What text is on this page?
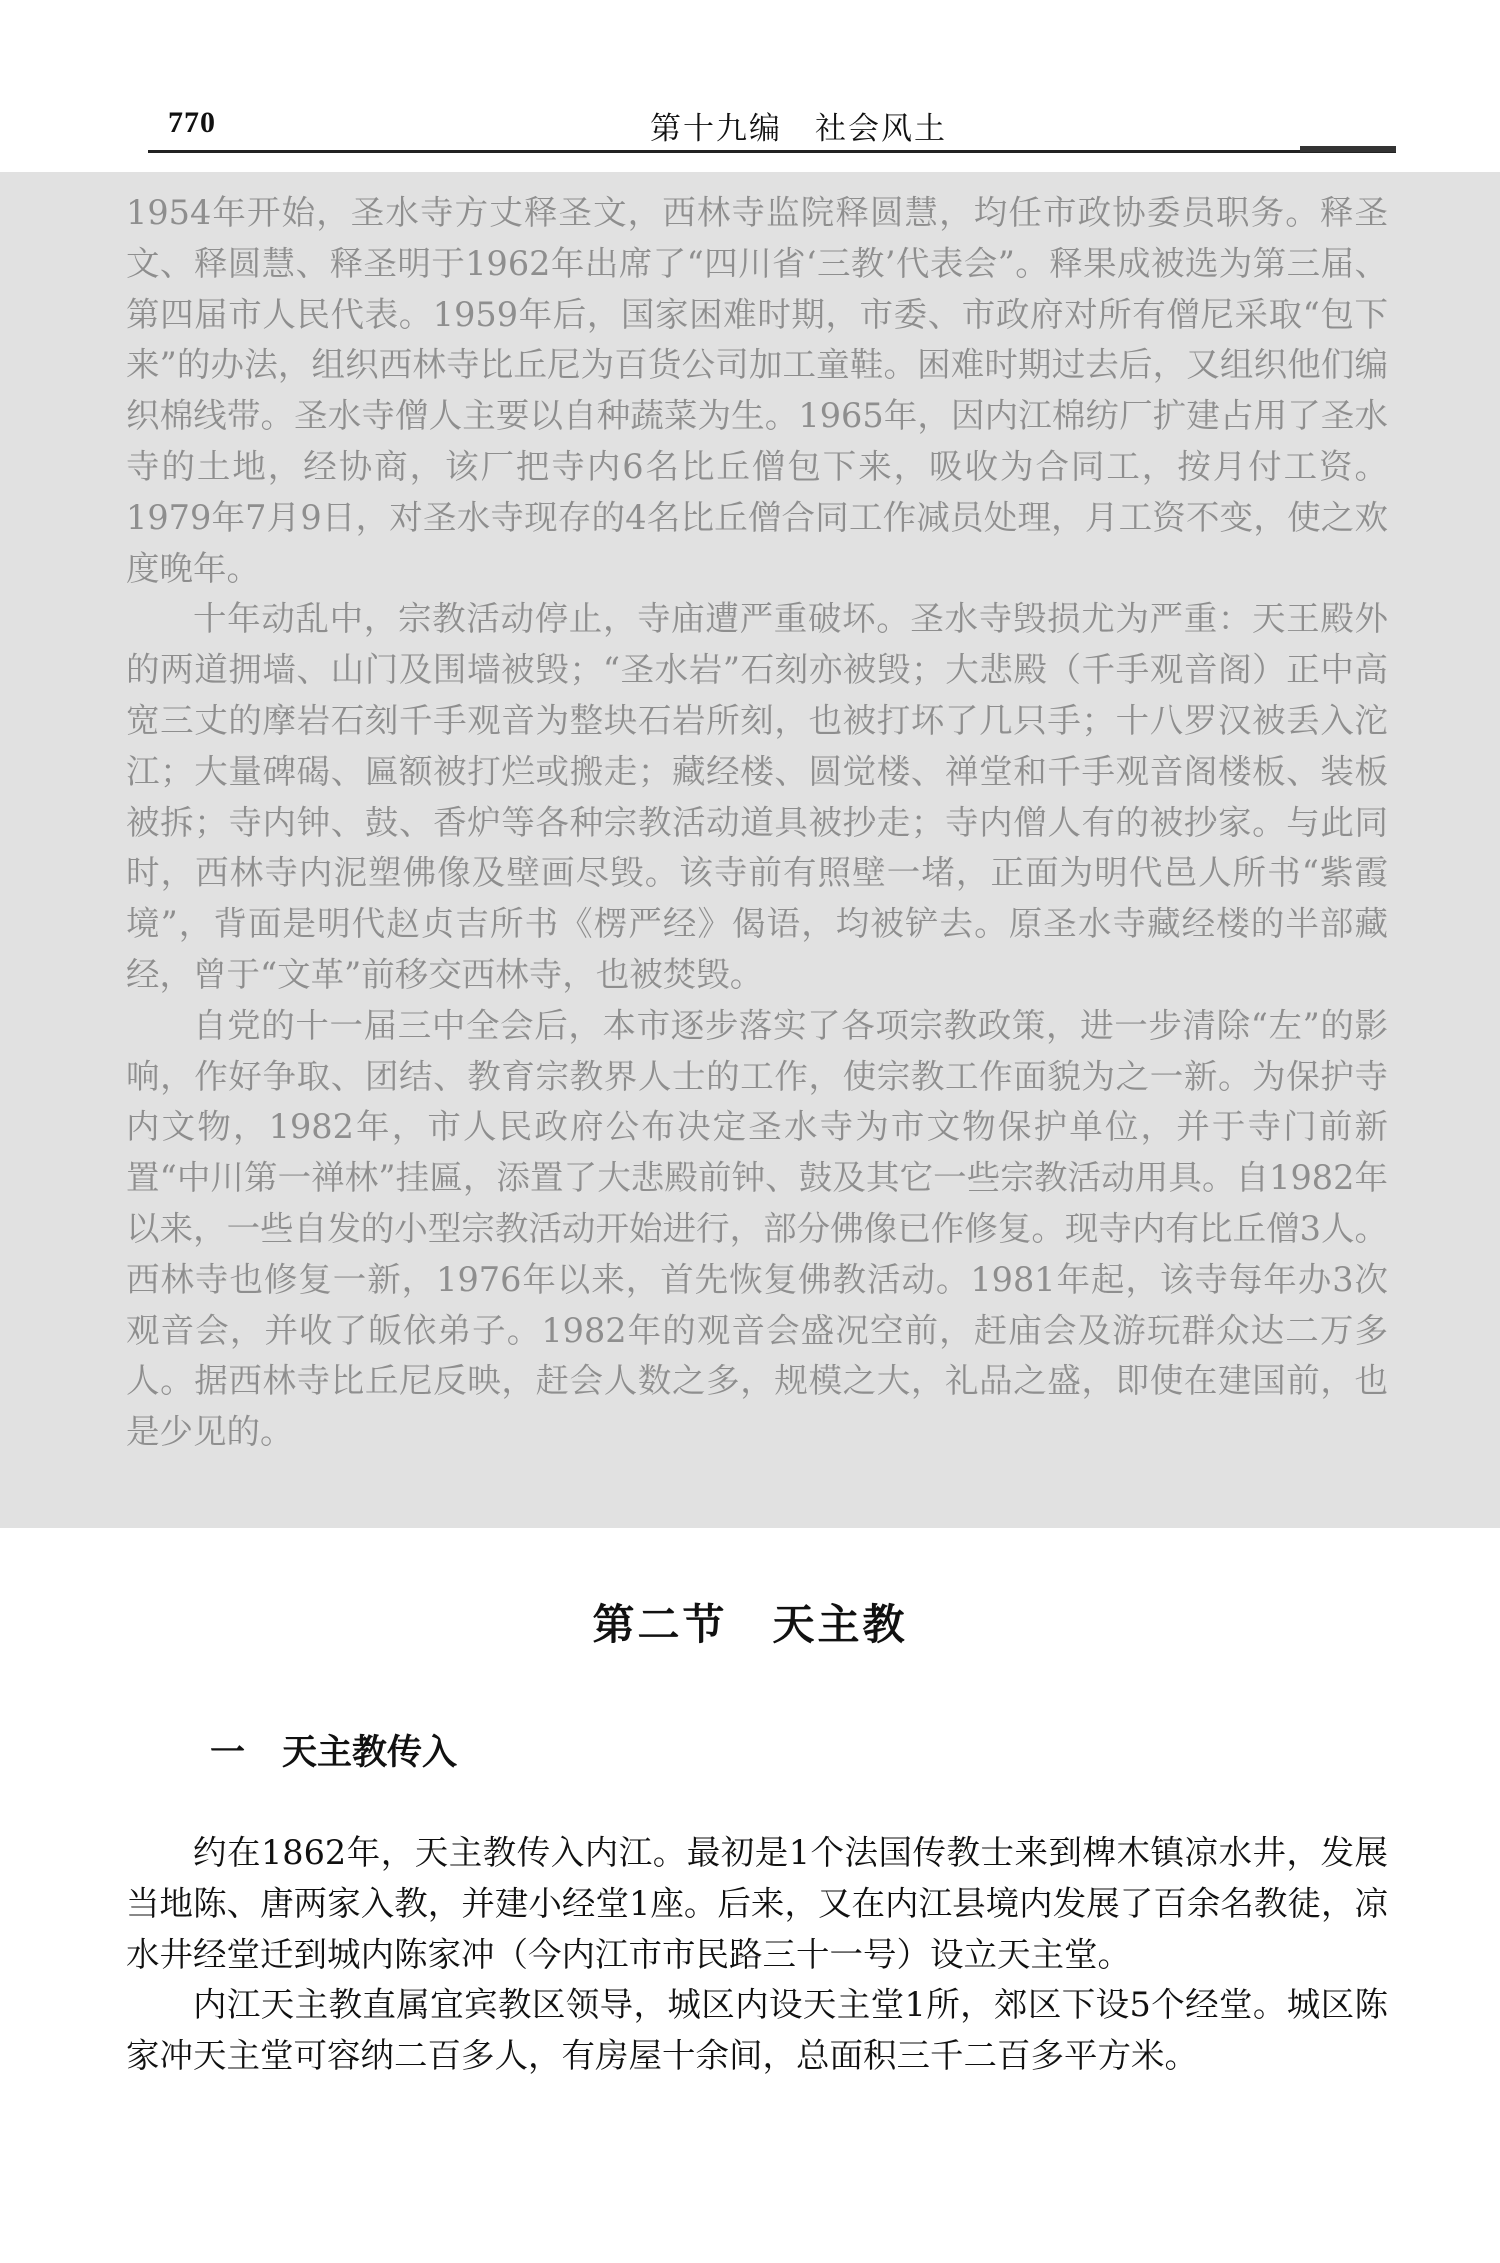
770	第十九编　社会风土

1954年开始，圣水寺方丈释圣文，西林寺监院释圆慧，均任市政协委员职务。释圣文、释圆慧、释圣明于1962年出席了“四川省‘三教’代表会”。释果成被选为第三届、第四届市人民代表。1959年后，国家困难时期，市委、市政府对所有僧尼采取“包下来”的办法，组织西林寺比丘尼为百货公司加工童鞋。困难时期过去后，又组织他们编织棉线带。圣水寺僧人主要以自种蔬菜为生。1965年，因内江棉纺厂扩建占用了圣水寺的土地，经协商，该厂把寺内6名比丘僧包下来，吸收为合同工，按月付工资。1979年7月9日，对圣水寺现存的4名比丘僧合同工作减员处理，月工资不变，使之欢度晚年。

十年动乱中，宗教活动停止，寺庙遭严重破坏。圣水寺毁损尤为严重：天王殿外的两道拥墙、山门及围墙被毁；“圣水岩”石刻亦被毁；大悲殿（千手观音阁）正中高宽三丈的摩岩石刻千手观音为整块石岩所刻，也被打坏了几只手；十八罗汉被丢入沱江；大量碑碣、匾额被打烂或搬走；藏经楼、圆觉楼、禅堂和千手观音阁楼板、装板被拆；寺内钟、鼓、香炉等各种宗教活动道具被抄走；寺内僧人有的被抄家。与此同时，西林寺内泥塑佛像及壁画尽毁。该寺前有照壁一堵，正面为明代邑人所书“紫霞境”，背面是明代赵贞吉所书《楞严经》偈语，均被铲去。原圣水寺藏经楼的半部藏经，曾于“文革”前移交西林寺，也被焚毁。

自党的十一届三中全会后，本市逐步落实了各项宗教政策，进一步清除“左”的影响，作好争取、团结、教育宗教界人士的工作，使宗教工作面貌为之一新。为保护寺内文物，1982年，市人民政府公布决定圣水寺为市文物保护单位，并于寺门前新置“中川第一禅林”挂匾，添置了大悲殿前钟、鼓及其它一些宗教活动用具。自1982年以来，一些自发的小型宗教活动开始进行，部分佛像已作修复。现寺内有比丘僧3人。西林寺也修复一新，1976年以来，首先恢复佛教活动。1981年起，该寺每年办3次观音会，并收了皈依弟子。1982年的观音会盛况空前，赶庙会及游玩群众达二万多人。据西林寺比丘尼反映，赶会人数之多，规模之大，礼品之盛，即使在建国前，也是少见的。

第二节　天主教
一 天主教传入

约在1862年，天主教传入内江。最初是1个法国传教士来到椑木镇凉水井，发展当地陈、唐两家入教，并建小经堂1座。后来，又在内江县境内发展了百余名教徒，凉水井经堂迁到城内陈家冲（今内江市市民路三十一号）设立天主堂。

内江天主教直属宜宾教区领导，城区内设天主堂1所，郊区下设5个经堂。城区陈家冲天主堂可容纳二百多人，有房屋十余间，总面积三千二百多平方米。
